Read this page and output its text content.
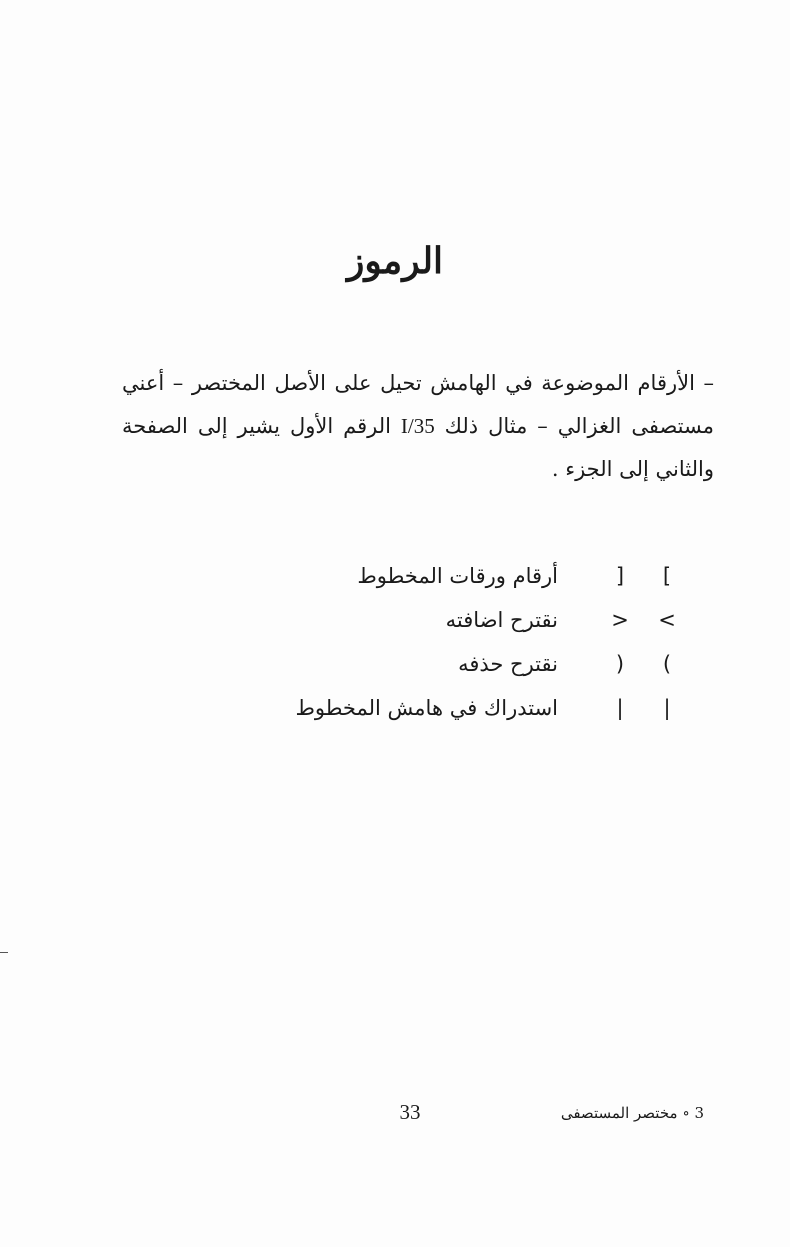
الرموز

– الأرقام الموضوعة في الهامش تحيل على الأصل المختصر – أعني مستصفى الغزالي – مثال ذلك I/35 الرقم الأول يشير إلى الصفحة والثاني إلى الجزء .

[
]
أرقام ورقات المخطوط
<
>
نقترح اضافته
(
)
نقترح حذفه
|
|
استدراك في هامش المخطوط
33	3 ∘ مختصر المستصفى
